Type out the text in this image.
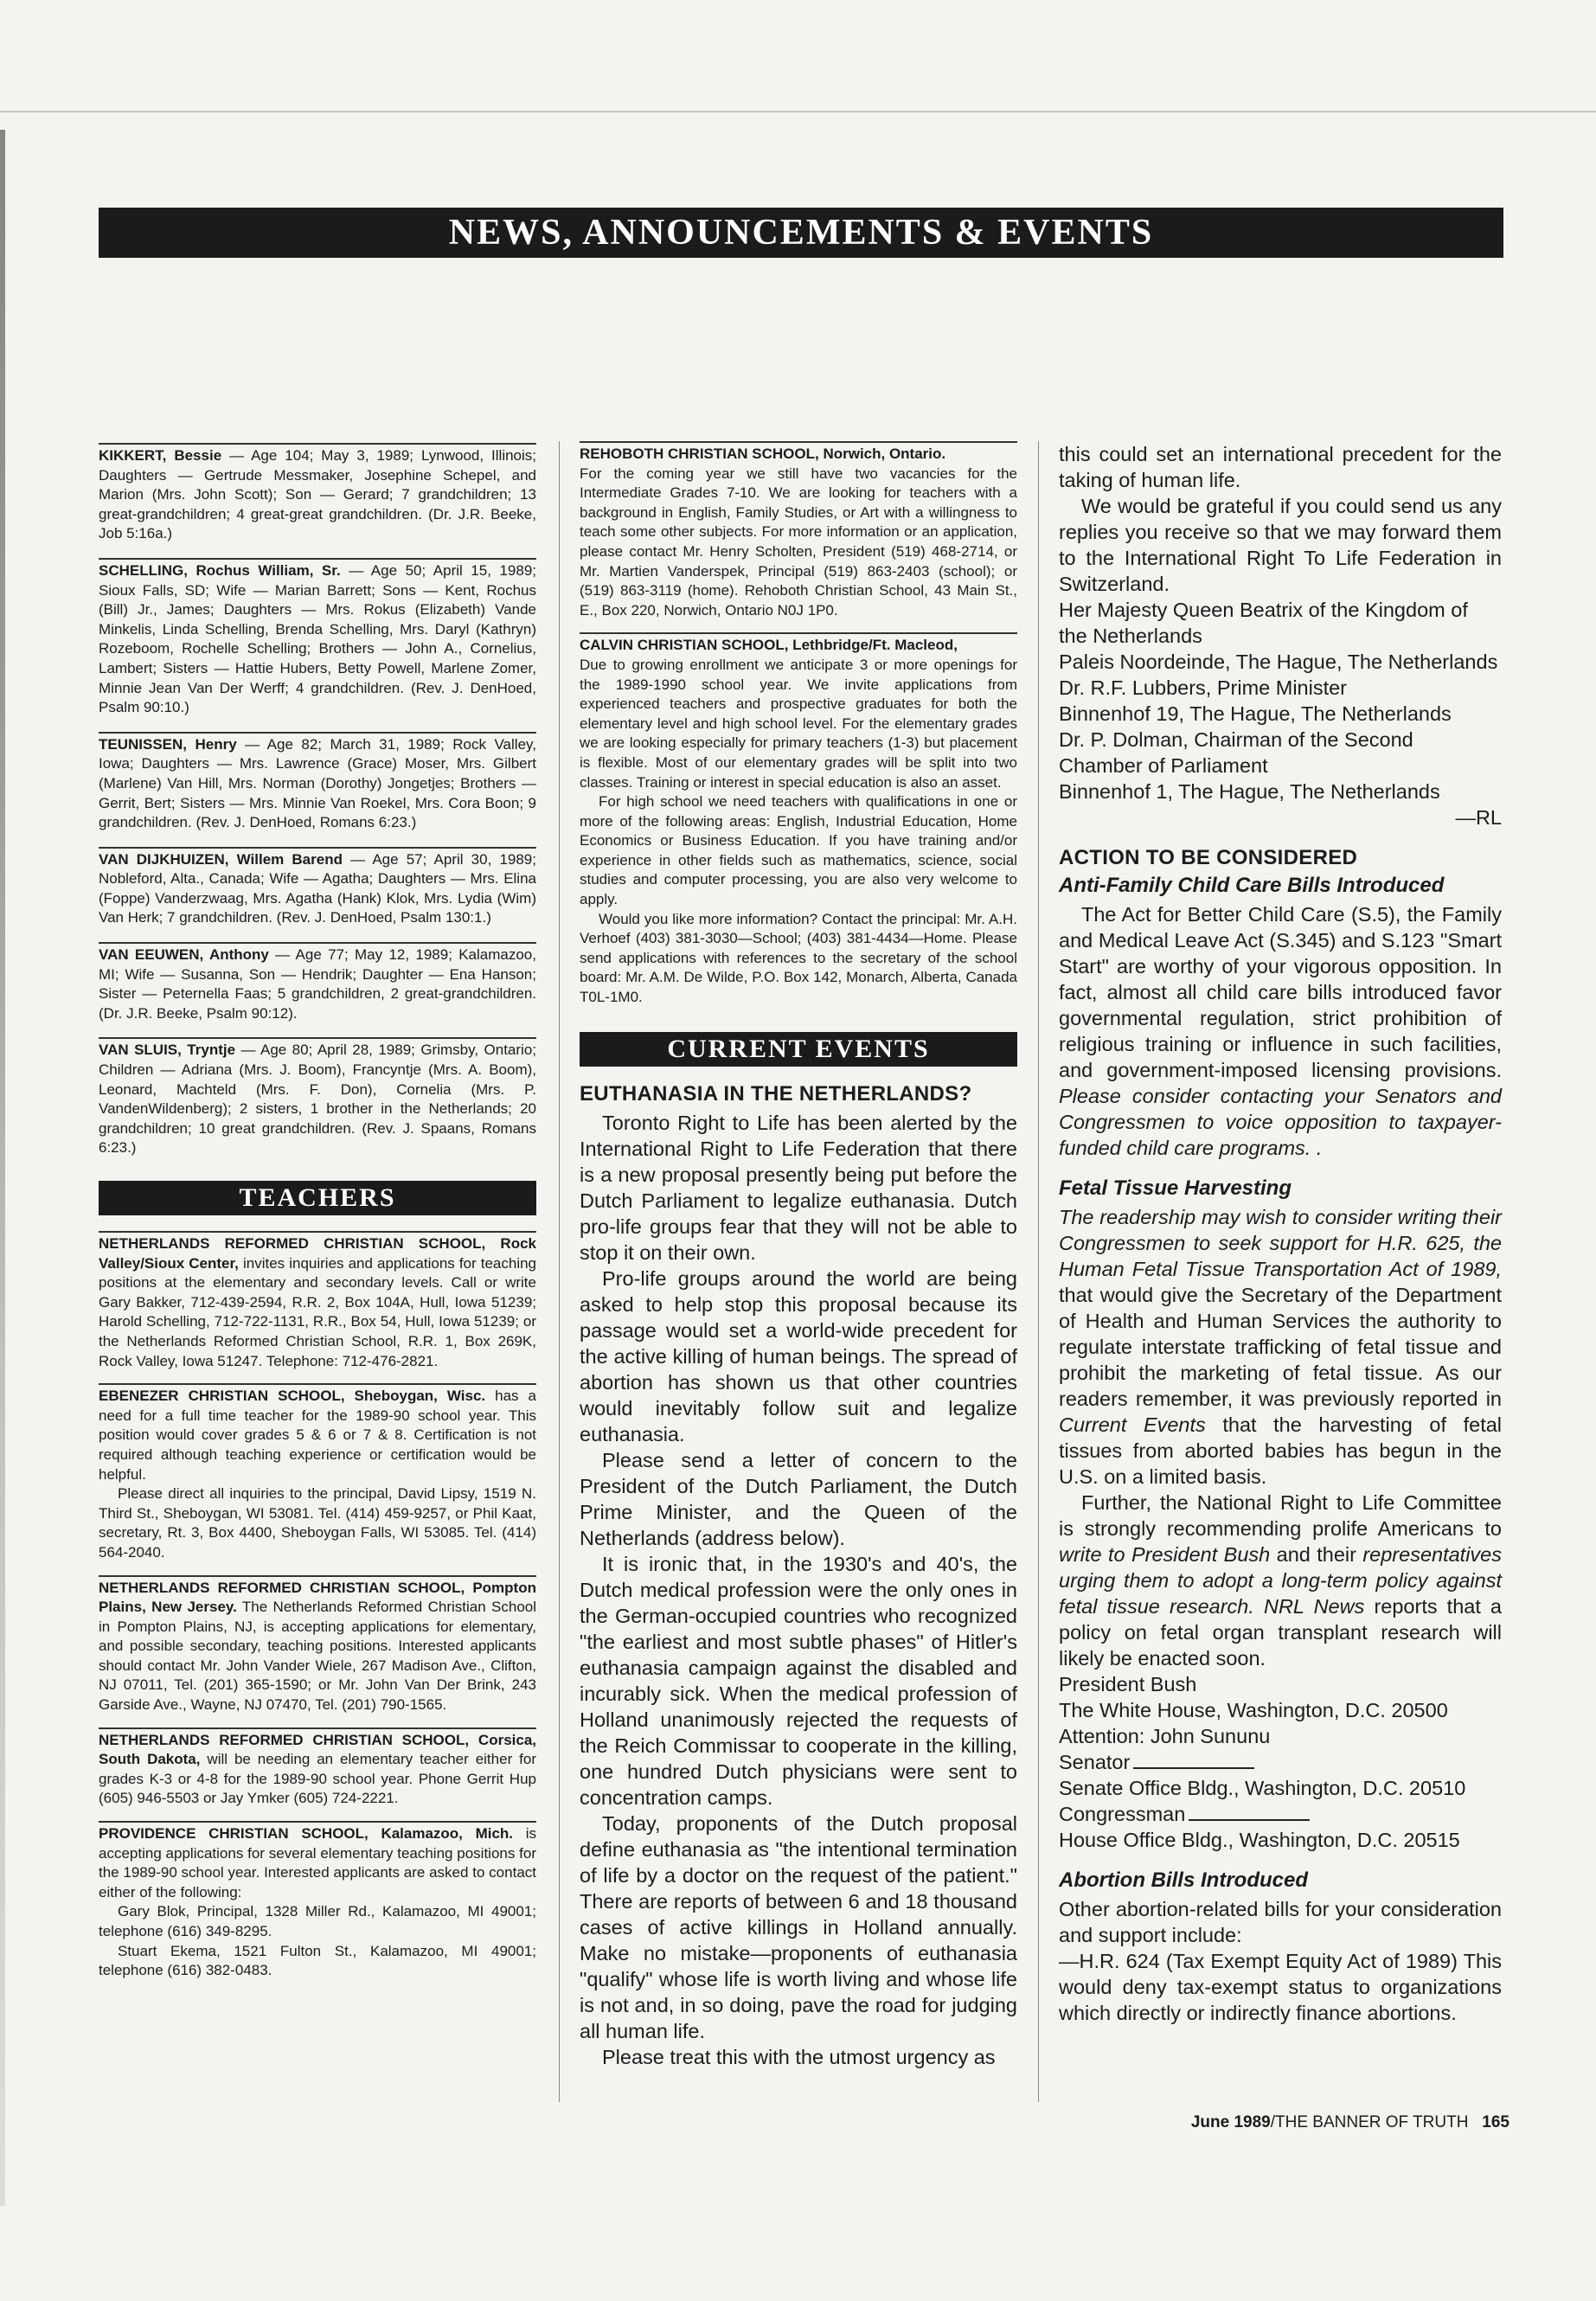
NEWS, ANNOUNCEMENTS & EVENTS

KIKKERT, Bessie — Age 104; May 3, 1989; Lynwood, Illinois; Daughters — Gertrude Messmaker, Josephine Schepel, and Marion (Mrs. John Scott); Son — Gerard; 7 grandchildren; 13 great-grandchildren; 4 great-great grandchildren. (Dr. J.R. Beeke, Job 5:16a.)

SCHELLING, Rochus William, Sr. — Age 50; April 15, 1989; Sioux Falls, SD; Wife — Marian Barrett; Sons — Kent, Rochus (Bill) Jr., James; Daughters — Mrs. Rokus (Elizabeth) Vande Minkelis, Linda Schelling, Brenda Schelling, Mrs. Daryl (Kathryn) Rozeboom, Rochelle Schelling; Brothers — John A., Cornelius, Lambert; Sisters — Hattie Hubers, Betty Powell, Marlene Zomer, Minnie Jean Van Der Werff; 4 grandchildren. (Rev. J. DenHoed, Psalm 90:10.)

TEUNISSEN, Henry — Age 82; March 31, 1989; Rock Valley, Iowa; Daughters — Mrs. Lawrence (Grace) Moser, Mrs. Gilbert (Marlene) Van Hill, Mrs. Norman (Dorothy) Jongetjes; Brothers — Gerrit, Bert; Sisters — Mrs. Minnie Van Roekel, Mrs. Cora Boon; 9 grandchildren. (Rev. J. DenHoed, Romans 6:23.)

VAN DIJKHUIZEN, Willem Barend — Age 57; April 30, 1989; Nobleford, Alta., Canada; Wife — Agatha; Daughters — Mrs. Elina (Foppe) Vanderzwaag, Mrs. Agatha (Hank) Klok, Mrs. Lydia (Wim) Van Herk; 7 grandchildren. (Rev. J. DenHoed, Psalm 130:1.)

VAN EEUWEN, Anthony — Age 77; May 12, 1989; Kalamazoo, MI; Wife — Susanna, Son — Hendrik; Daughter — Ena Hanson; Sister — Peternella Faas; 5 grandchildren, 2 great-grandchildren. (Dr. J.R. Beeke, Psalm 90:12).

VAN SLUIS, Tryntje — Age 80; April 28, 1989; Grimsby, Ontario; Children — Adriana (Mrs. J. Boom), Francyntje (Mrs. A. Boom), Leonard, Machteld (Mrs. F. Don), Cornelia (Mrs. P. VandenWildenberg); 2 sisters, 1 brother in the Netherlands; 20 grandchildren; 10 great grandchildren. (Rev. J. Spaans, Romans 6:23.)

TEACHERS

NETHERLANDS REFORMED CHRISTIAN SCHOOL, Rock Valley/Sioux Center, invites inquiries and applications for teaching positions at the elementary and secondary levels. Call or write Gary Bakker, 712-439-2594, R.R. 2, Box 104A, Hull, Iowa 51239; Harold Schelling, 712-722-1131, R.R., Box 54, Hull, Iowa 51239; or the Netherlands Reformed Christian School, R.R. 1, Box 269K, Rock Valley, Iowa 51247. Telephone: 712-476-2821.

EBENEZER CHRISTIAN SCHOOL, Sheboygan, Wisc. has a need for a full time teacher for the 1989-90 school year. This position would cover grades 5 & 6 or 7 & 8. Certification is not required although teaching experience or certification would be helpful.

Please direct all inquiries to the principal, David Lipsy, 1519 N. Third St., Sheboygan, WI 53081. Tel. (414) 459-9257, or Phil Kaat, secretary, Rt. 3, Box 4400, Sheboygan Falls, WI 53085. Tel. (414) 564-2040.

NETHERLANDS REFORMED CHRISTIAN SCHOOL, Pompton Plains, New Jersey. The Netherlands Reformed Christian School in Pompton Plains, NJ, is accepting applications for elementary, and possible secondary, teaching positions. Interested applicants should contact Mr. John Vander Wiele, 267 Madison Ave., Clifton, NJ 07011, Tel. (201) 365-1590; or Mr. John Van Der Brink, 243 Garside Ave., Wayne, NJ 07470, Tel. (201) 790-1565.

NETHERLANDS REFORMED CHRISTIAN SCHOOL, Corsica, South Dakota, will be needing an elementary teacher either for grades K-3 or 4-8 for the 1989-90 school year. Phone Gerrit Hup (605) 946-5503 or Jay Ymker (605) 724-2221.

PROVIDENCE CHRISTIAN SCHOOL, Kalamazoo, Mich. is accepting applications for several elementary teaching positions for the 1989-90 school year. Interested applicants are asked to contact either of the following:

Gary Blok, Principal, 1328 Miller Rd., Kalamazoo, MI 49001; telephone (616) 349-8295.

Stuart Ekema, 1521 Fulton St., Kalamazoo, MI 49001; telephone (616) 382-0483.

REHOBOTH CHRISTIAN SCHOOL, Norwich, Ontario.

For the coming year we still have two vacancies for the Intermediate Grades 7-10. We are looking for teachers with a background in English, Family Studies, or Art with a willingness to teach some other subjects. For more information or an application, please contact Mr. Henry Scholten, President (519) 468-2714, or Mr. Martien Vanderspek, Principal (519) 863-2403 (school); or (519) 863-3119 (home). Rehoboth Christian School, 43 Main St., E., Box 220, Norwich, Ontario N0J 1P0.

CALVIN CHRISTIAN SCHOOL, Lethbridge/Ft. Macleod,

Due to growing enrollment we anticipate 3 or more openings for the 1989-1990 school year. We invite applications from experienced teachers and prospective graduates for both the elementary level and high school level. For the elementary grades we are looking especially for primary teachers (1-3) but placement is flexible. Most of our elementary grades will be split into two classes. Training or interest in special education is also an asset.

For high school we need teachers with qualifications in one or more of the following areas: English, Industrial Education, Home Economics or Business Education. If you have training and/or experience in other fields such as mathematics, science, social studies and computer processing, you are also very welcome to apply.

Would you like more information? Contact the principal: Mr. A.H. Verhoef (403) 381-3030—School; (403) 381-4434—Home. Please send applications with references to the secretary of the school board: Mr. A.M. De Wilde, P.O. Box 142, Monarch, Alberta, Canada T0L-1M0.

CURRENT EVENTS
EUTHANASIA IN THE NETHERLANDS?

Toronto Right to Life has been alerted by the International Right to Life Federation that there is a new proposal presently being put before the Dutch Parliament to legalize euthanasia. Dutch pro-life groups fear that they will not be able to stop it on their own.

Pro-life groups around the world are being asked to help stop this proposal because its passage would set a world-wide precedent for the active killing of human beings. The spread of abortion has shown us that other countries would inevitably follow suit and legalize euthanasia.

Please send a letter of concern to the President of the Dutch Parliament, the Dutch Prime Minister, and the Queen of the Netherlands (address below).

It is ironic that, in the 1930's and 40's, the Dutch medical profession were the only ones in the German-occupied countries who recognized "the earliest and most subtle phases" of Hitler's euthanasia campaign against the disabled and incurably sick. When the medical profession of Holland unanimously rejected the requests of the Reich Commissar to cooperate in the killing, one hundred Dutch physicians were sent to concentration camps.

Today, proponents of the Dutch proposal define euthanasia as "the intentional termination of life by a doctor on the request of the patient." There are reports of between 6 and 18 thousand cases of active killings in Holland annually. Make no mistake—proponents of euthanasia "qualify" whose life is worth living and whose life is not and, in so doing, pave the road for judging all human life.

Please treat this with the utmost urgency as

this could set an international precedent for the taking of human life.

We would be grateful if you could send us any replies you receive so that we may forward them to the International Right To Life Federation in Switzerland.

Her Majesty Queen Beatrix of the Kingdom of the Netherlands

Paleis Noordeinde, The Hague, The Netherlands

Dr. R.F. Lubbers, Prime Minister

Binnenhof 19, The Hague, The Netherlands

Dr. P. Dolman, Chairman of the Second Chamber of Parliament

Binnenhof 1, The Hague, The Netherlands

—RL

ACTION TO BE CONSIDERED
Anti-Family Child Care Bills Introduced

The Act for Better Child Care (S.5), the Family and Medical Leave Act (S.345) and S.123 "Smart Start" are worthy of your vigorous opposition. In fact, almost all child care bills introduced favor governmental regulation, strict prohibition of religious training or influence in such facilities, and government-imposed licensing provisions. Please consider contacting your Senators and Congressmen to voice opposition to taxpayer-funded child care programs. .

Fetal Tissue Harvesting

The readership may wish to consider writing their Congressmen to seek support for H.R. 625, the Human Fetal Tissue Transportation Act of 1989, that would give the Secretary of the Department of Health and Human Services the authority to regulate interstate trafficking of fetal tissue and prohibit the marketing of fetal tissue. As our readers remember, it was previously reported in Current Events that the harvesting of fetal tissues from aborted babies has begun in the U.S. on a limited basis.

Further, the National Right to Life Committee is strongly recommending prolife Americans to write to President Bush and their representatives urging them to adopt a long-term policy against fetal tissue research. NRL News reports that a policy on fetal organ transplant research will likely be enacted soon.

President Bush

The White House, Washington, D.C. 20500

Attention: John Sununu

Senator

Senate Office Bldg., Washington, D.C. 20510

Congressman

House Office Bldg., Washington, D.C. 20515

Abortion Bills Introduced

Other abortion-related bills for your consideration and support include:

—H.R. 624 (Tax Exempt Equity Act of 1989) This would deny tax-exempt status to organizations which directly or indirectly finance abortions.

June 1989/THE BANNER OF TRUTH 165
